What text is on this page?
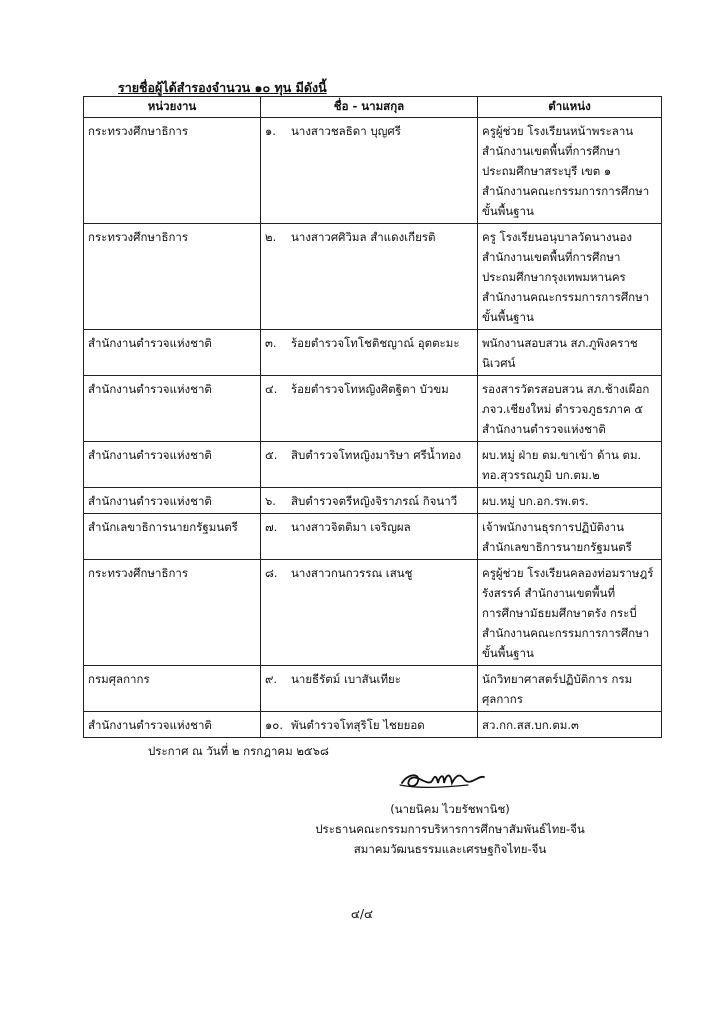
รายชื่อผู้ได้สำรองจำนวน ๑๐ ทุน มีดังนี้
หน่วยงาน	ชื่อ - นามสกุล	ตำแหน่ง
กระทรวงศึกษาธิการ	๑. นางสาวชลธิดา บุญศรี	ครูผู้ช่วย โรงเรียนหน้าพระลาน
สำนักงานเขตพื้นที่การศึกษา
ประถมศึกษาสระบุรี เขต ๑
สำนักงานคณะกรรมการการศึกษา
ขั้นพื้นฐาน

กระทรวงศึกษาธิการ	๒. นางสาวศศิวิมล สำแดงเกียรติ	ครู โรงเรียนอนุบาลวัดนางนอง
สำนักงานเขตพื้นที่การศึกษา
ประถมศึกษากรุงเทพมหานคร
สำนักงานคณะกรรมการการศึกษา
ขั้นพื้นฐาน

สำนักงานตำรวจแห่งชาติ	๓. ร้อยตำรวจโทโชติชญาณ์ อุตตะมะ	พนักงานสอบสวน สภ.ภูพิงคราช
นิเวศน์

สำนักงานตำรวจแห่งชาติ	๔. ร้อยตำรวจโทหญิงศิตฐิตา บัวขม	รองสารวัตรสอบสวน สภ.ช้างเผือก
ภจว.เชียงใหม่ ตำรวจภูธรภาค ๕
สำนักงานตำรวจแห่งชาติ

สำนักงานตำรวจแห่งชาติ	๕. สิบตำรวจโทหญิงมาริษา ศรีน้ำทอง	ผบ.หมู่ ฝ่าย ตม.ขาเข้า ด้าน ตม.
ทอ.สุวรรณภูมิ บก.ตม.๒

สำนักงานตำรวจแห่งชาติ	๖. สิบตำรวจตรีหญิงจิราภรณ์ กิจนาวี	ผบ.หมู่ บก.อก.รพ.ตร.

สำนักเลขาธิการนายกรัฐมนตรี	๗. นางสาวจิตติมา เจริญผล	เจ้าพนักงานธุรการปฏิบัติงาน
สำนักเลขาธิการนายกรัฐมนตรี

กระทรวงศึกษาธิการ	๘. นางสาวกนกวรรณ เสนชู	ครูผู้ช่วย โรงเรียนคลองท่อมราษฎร์
รังสรรค์ สำนักงานเขตพื้นที่
การศึกษามัธยมศึกษาตรัง กระบี่
สำนักงานคณะกรรมการการศึกษา
ขั้นพื้นฐาน

กรมศุลกากร	๙. นายธีรัตม์ เบาสันเทียะ	นักวิทยาศาสตร์ปฏิบัติการ กรม
ศุลกากร

สำนักงานตำรวจแห่งชาติ	๑๐. พันตำรวจโทสุริโย ไชยยอด	สว.กก.สส.บก.ตม.๓
ประกาศ ณ วันที่ ๒ กรกฎาคม ๒๕๖๘
(นายนิคม ไวยรัชพานิช)
ประธานคณะกรรมการบริหารการศึกษาสัมพันธ์ไทย-จีน
สมาคมวัฒนธรรมและเศรษฐกิจไทย-จีน
๔/๔
